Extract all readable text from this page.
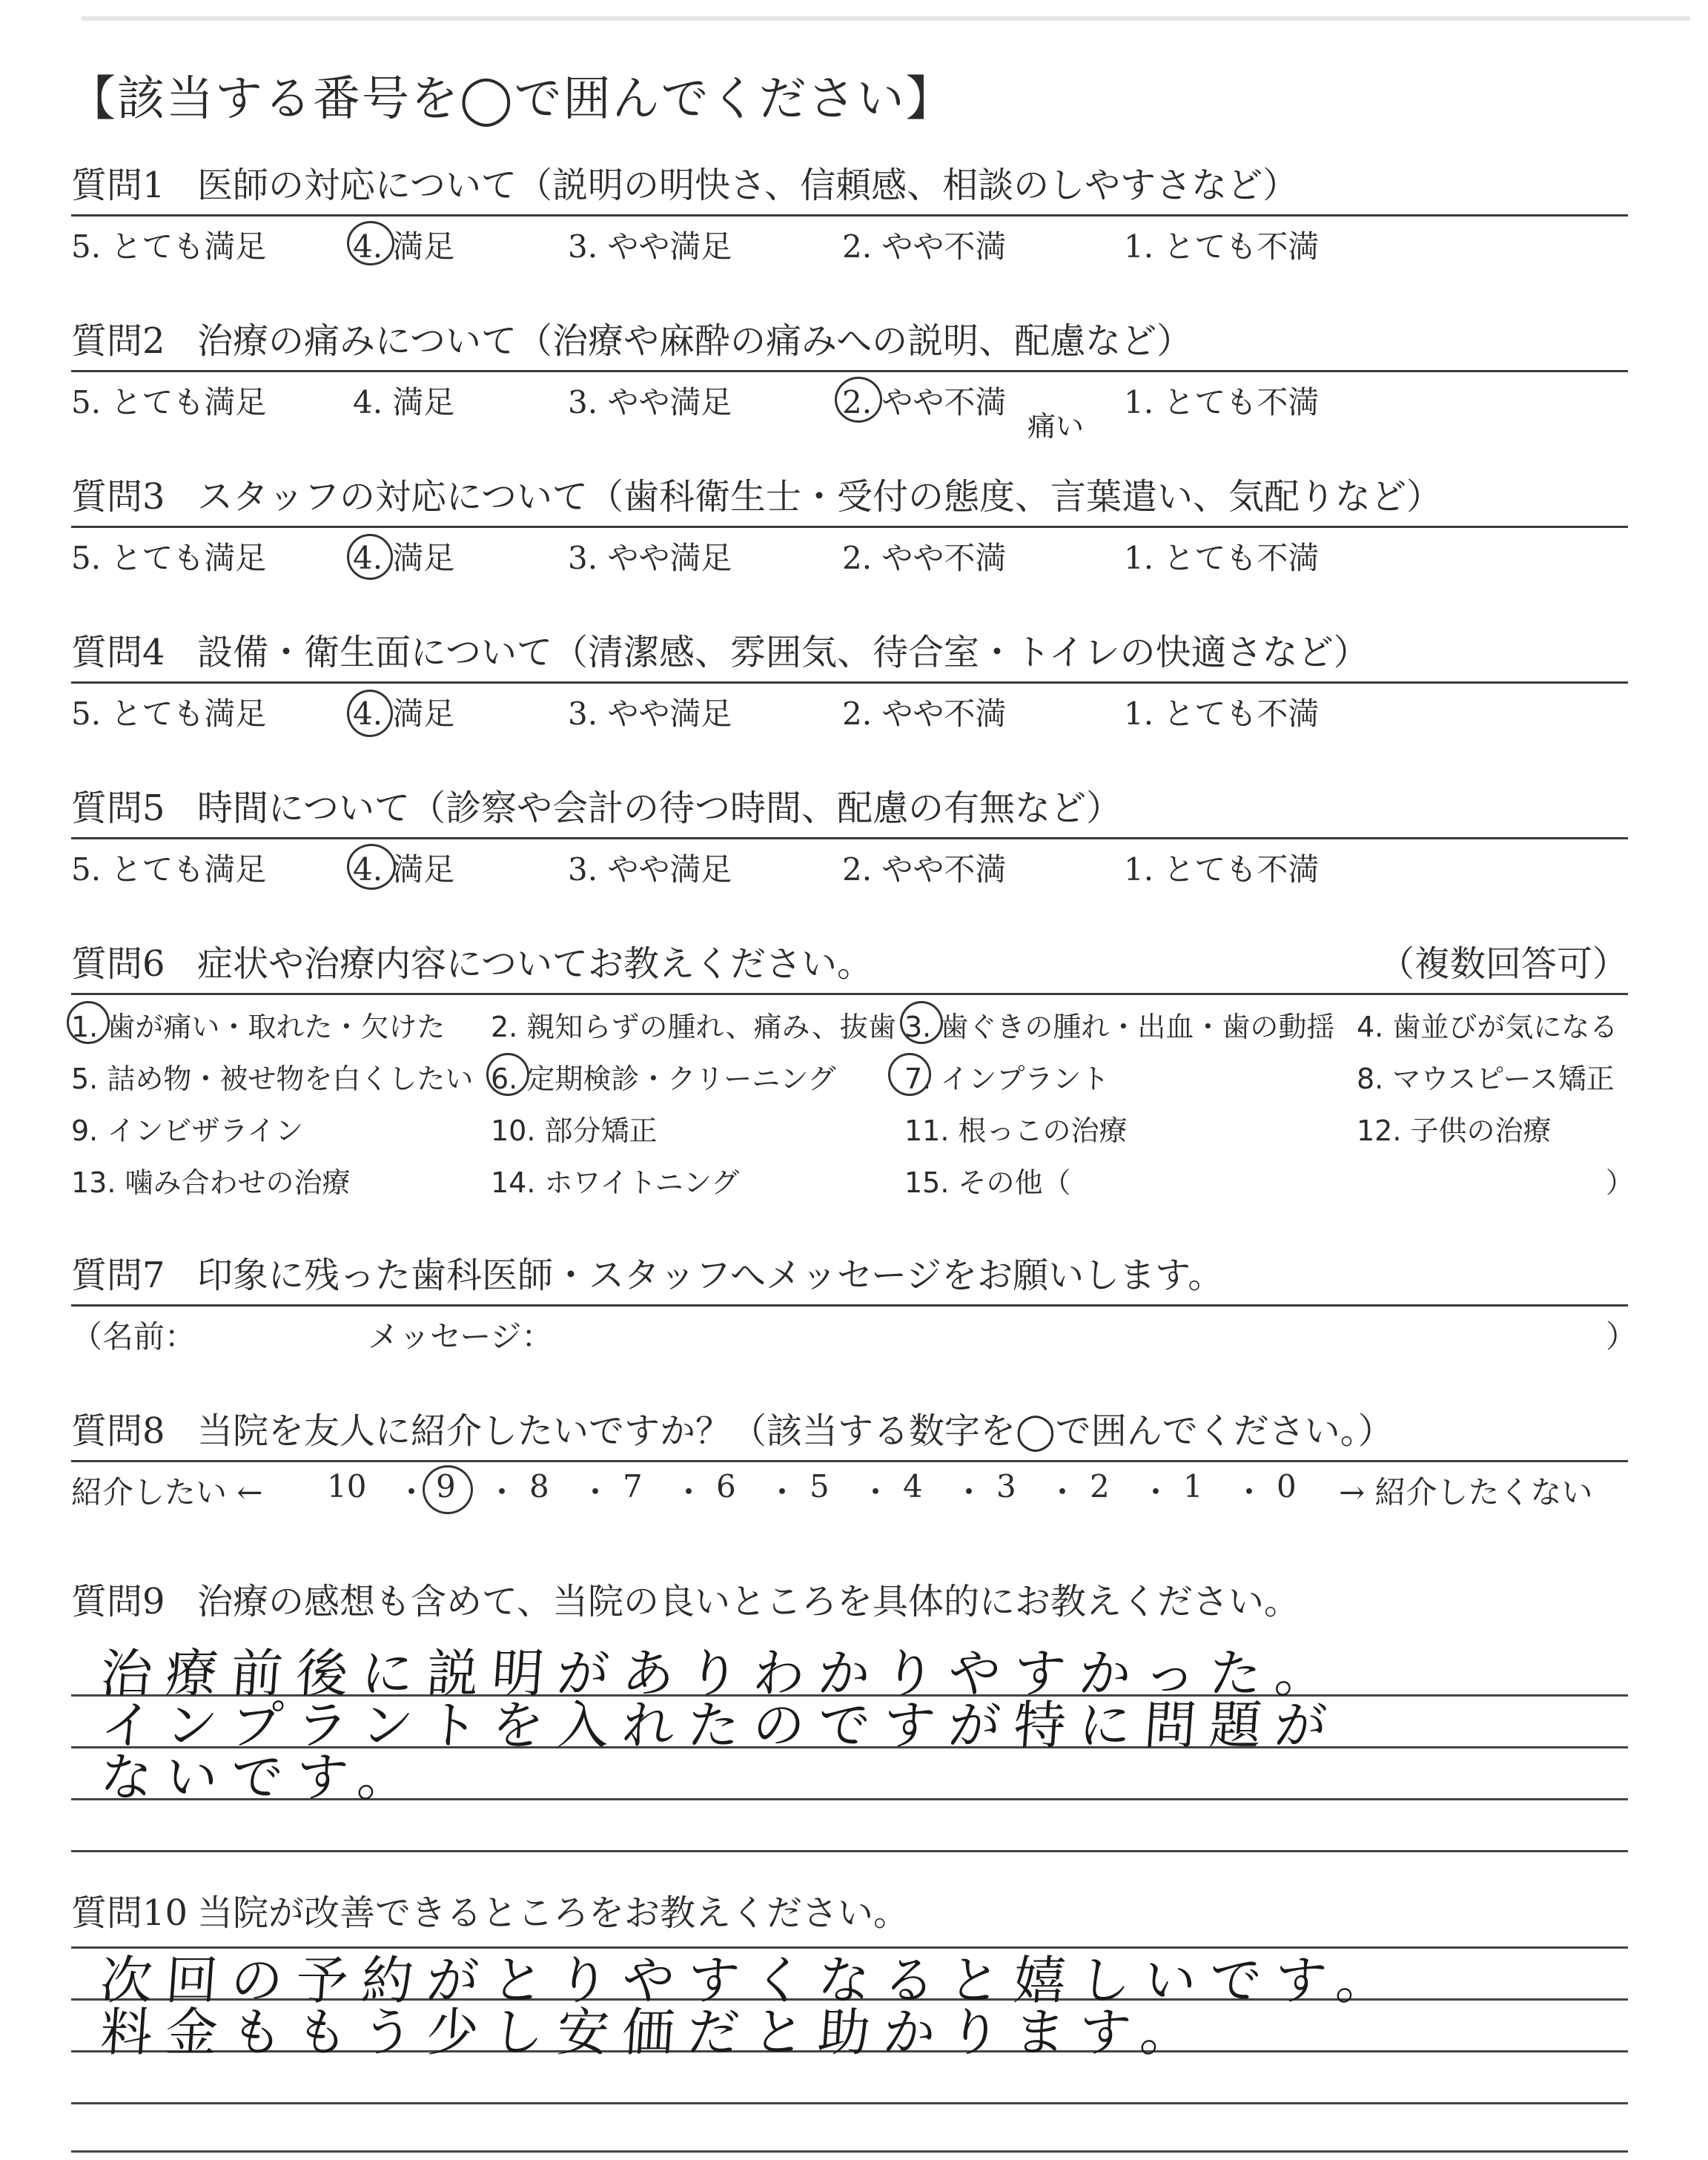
【該当する番号を◯で囲んでください】
質問1 医師の対応について（説明の明快さ、信頼感、相談のしやすさなど）
5. とても満足	4. 満足	3. やや満足	2. やや不満	1. とても不満
質問2 治療の痛みについて（治療や麻酔の痛みへの説明、配慮など）
5. とても満足	4. 満足	3. やや満足	2. やや不満	1. とても不満
痛い
質問3 スタッフの対応について（歯科衛生士・受付の態度、言葉遣い、気配りなど）
5. とても満足	4. 満足	3. やや満足	2. やや不満	1. とても不満
質問4 設備・衛生面について（清潔感、雰囲気、待合室・トイレの快適さなど）
5. とても満足	4. 満足	3. やや満足	2. やや不満	1. とても不満
質問5 時間について（診察や会計の待つ時間、配慮の有無など）
5. とても満足	4. 満足	3. やや満足	2. やや不満	1. とても不満
質問6 症状や治療内容についてお教えください。	（複数回答可）
1. 歯が痛い・取れた・欠けた 2. 親知らずの腫れ、痛み、抜歯 3. 歯ぐきの腫れ・出血・歯の動揺 4. 歯並びが気になる
5. 詰め物・被せ物を白くしたい 6. 定期検診・クリーニング 7. インプラント	8. マウスピース矯正
9. インビザライン	10. 部分矯正	11. 根っこの治療	12. 子供の治療
13. 噛み合わせの治療	14. ホワイトニング	15. その他（	）
質問7 印象に残った歯科医師・スタッフへメッセージをお願いします。
（名前：	メッセージ：	）
質問8 当院を友人に紹介したいですか？（該当する数字を◯で囲んでください。）
紹介したい ← 10 ・ 9 ・ 8 ・ 7 ・ 6 ・ 5 ・ 4 ・ 3 ・ 2 ・ 1 ・ 0 → 紹介したくない
質問9 治療の感想も含めて、当院の良いところを具体的にお教えください。
治療前後に説明がありわかりやすかった。
インプラントを入れたのですが特に問題が
ないです。
質問10 当院が改善できるところをお教えください。
次回の予約がとりやすくなると嬉しいです。
料金ももう少し安価だと助かります。
